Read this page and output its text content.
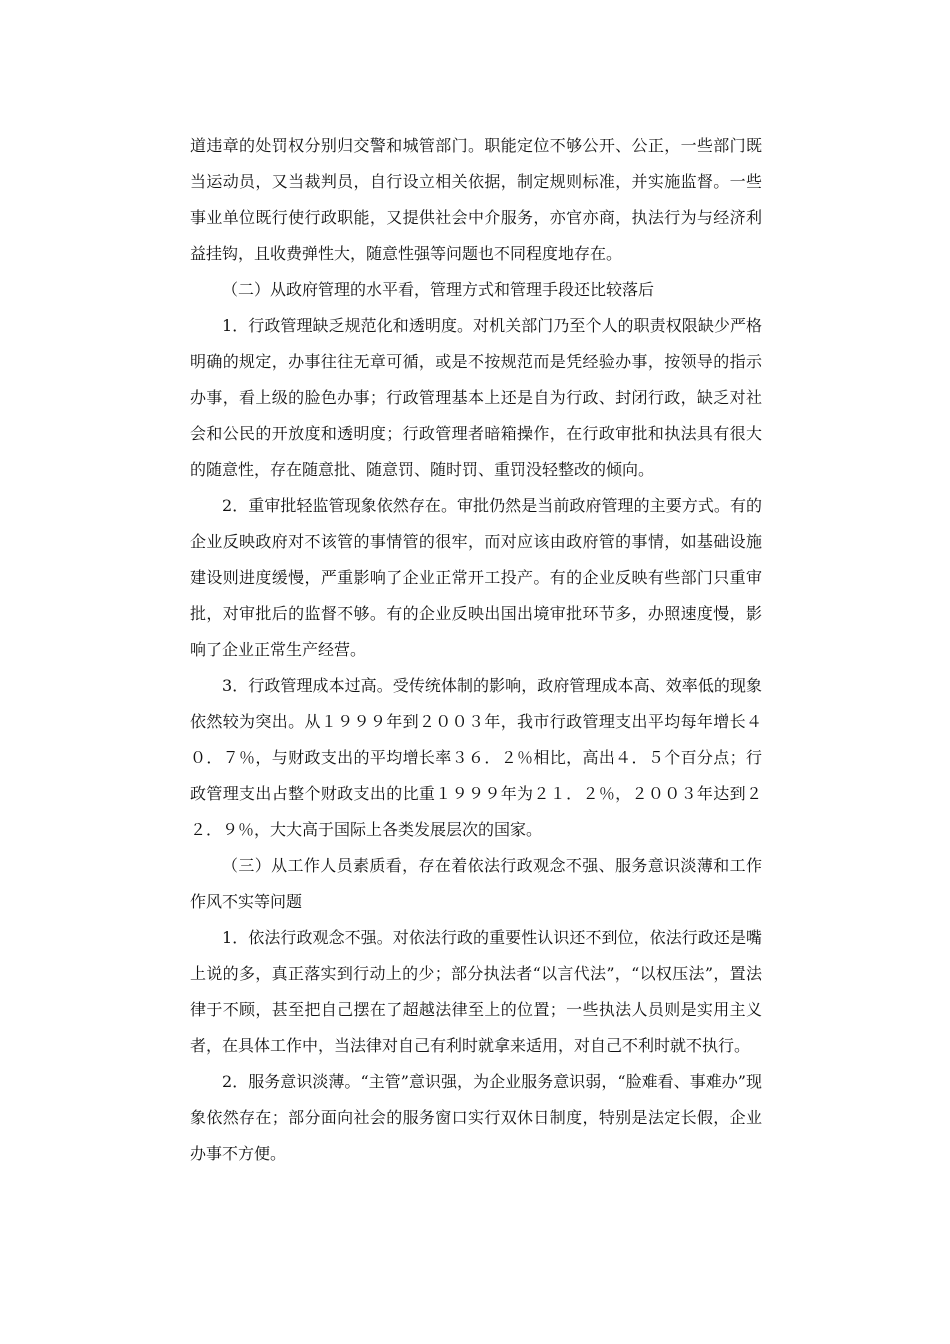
道违章的处罚权分别归交警和城管部门。职能定位不够公开、公正，一些部门既当运动员，又当裁判员，自行设立相关依据，制定规则标准，并实施监督。一些事业单位既行使行政职能，又提供社会中介服务，亦官亦商，执法行为与经济利益挂钩，且收费弹性大，随意性强等问题也不同程度地存在。

（二）从政府管理的水平看，管理方式和管理手段还比较落后

1．行政管理缺乏规范化和透明度。对机关部门乃至个人的职责权限缺少严格明确的规定，办事往往无章可循，或是不按规范而是凭经验办事，按领导的指示办事，看上级的脸色办事；行政管理基本上还是自为行政、封闭行政，缺乏对社会和公民的开放度和透明度；行政管理者暗箱操作，在行政审批和执法具有很大的随意性，存在随意批、随意罚、随时罚、重罚没轻整改的倾向。

2．重审批轻监管现象依然存在。审批仍然是当前政府管理的主要方式。有的企业反映政府对不该管的事情管的很牢，而对应该由政府管的事情，如基础设施建设则进度缓慢，严重影响了企业正常开工投产。有的企业反映有些部门只重审批，对审批后的监督不够。有的企业反映出国出境审批环节多，办照速度慢，影响了企业正常生产经营。

3．行政管理成本过高。受传统体制的影响，政府管理成本高、效率低的现象依然较为突出。从１９９９年到２００３年，我市行政管理支出平均每年增长４０．７％，与财政支出的平均增长率３６．２％相比，高出４．５个百分点；行政管理支出占整个财政支出的比重１９９９年为２１．２％，２００３年达到２２．９％，大大高于国际上各类发展层次的国家。

（三）从工作人员素质看，存在着依法行政观念不强、服务意识淡薄和工作作风不实等问题

1．依法行政观念不强。对依法行政的重要性认识还不到位，依法行政还是嘴上说的多，真正落实到行动上的少；部分执法者“以言代法”，“以权压法”，置法律于不顾，甚至把自己摆在了超越法律至上的位置；一些执法人员则是实用主义者，在具体工作中，当法律对自己有利时就拿来适用，对自己不利时就不执行。

2．服务意识淡薄。“主管”意识强，为企业服务意识弱，“脸难看、事难办”现象依然存在；部分面向社会的服务窗口实行双休日制度，特别是法定长假，企业办事不方便。
